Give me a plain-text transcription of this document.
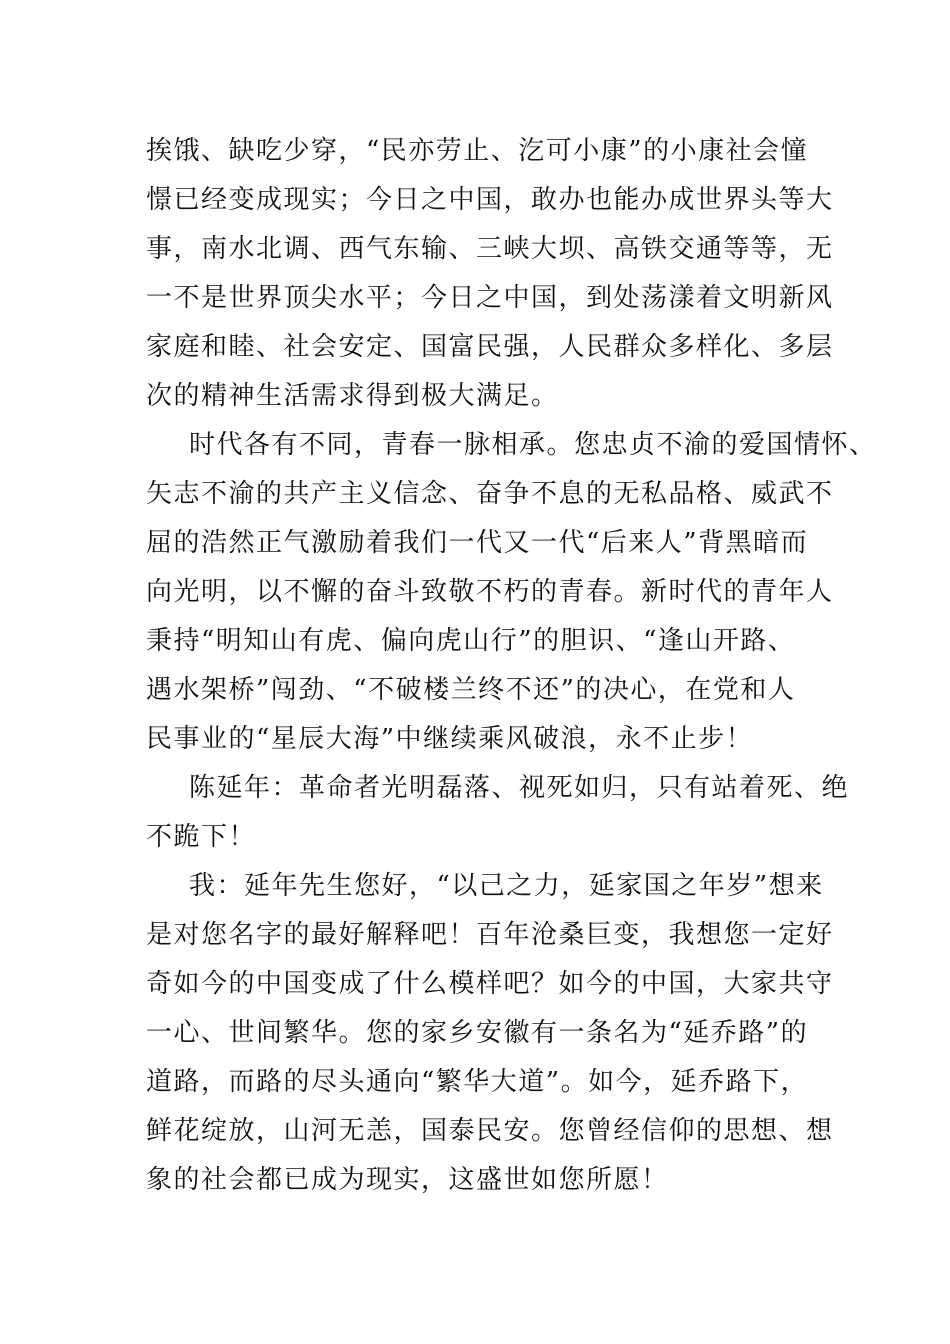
挨饿、缺吃少穿，“民亦劳止、汔可小康”的小康社会憧
憬已经变成现实；今日之中国，敢办也能办成世界头等大
事，南水北调、西气东输、三峡大坝、高铁交通等等，无
一不是世界顶尖水平；今日之中国，到处荡漾着文明新风
家庭和睦、社会安定、国富民强，人民群众多样化、多层
次的精神生活需求得到极大满足。
时代各有不同，青春一脉相承。您忠贞不渝的爱国情怀、
矢志不渝的共产主义信念、奋争不息的无私品格、威武不
屈的浩然正气激励着我们一代又一代“后来人”背黑暗而
向光明，以不懈的奋斗致敬不朽的青春。新时代的青年人
秉持“明知山有虎、偏向虎山行”的胆识、“逢山开路、
遇水架桥”闯劲、“不破楼兰终不还”的决心，在党和人
民事业的“星辰大海”中继续乘风破浪，永不止步！
陈延年：革命者光明磊落、视死如归，只有站着死、绝
不跪下！
我：延年先生您好，“以己之力，延家国之年岁”想来
是对您名字的最好解释吧！百年沧桑巨变，我想您一定好
奇如今的中国变成了什么模样吧？如今的中国，大家共守
一心、世间繁华。您的家乡安徽有一条名为“延乔路”的
道路，而路的尽头通向“繁华大道”。如今，延乔路下，
鲜花绽放，山河无恙，国泰民安。您曾经信仰的思想、想
象的社会都已成为现实，这盛世如您所愿！
